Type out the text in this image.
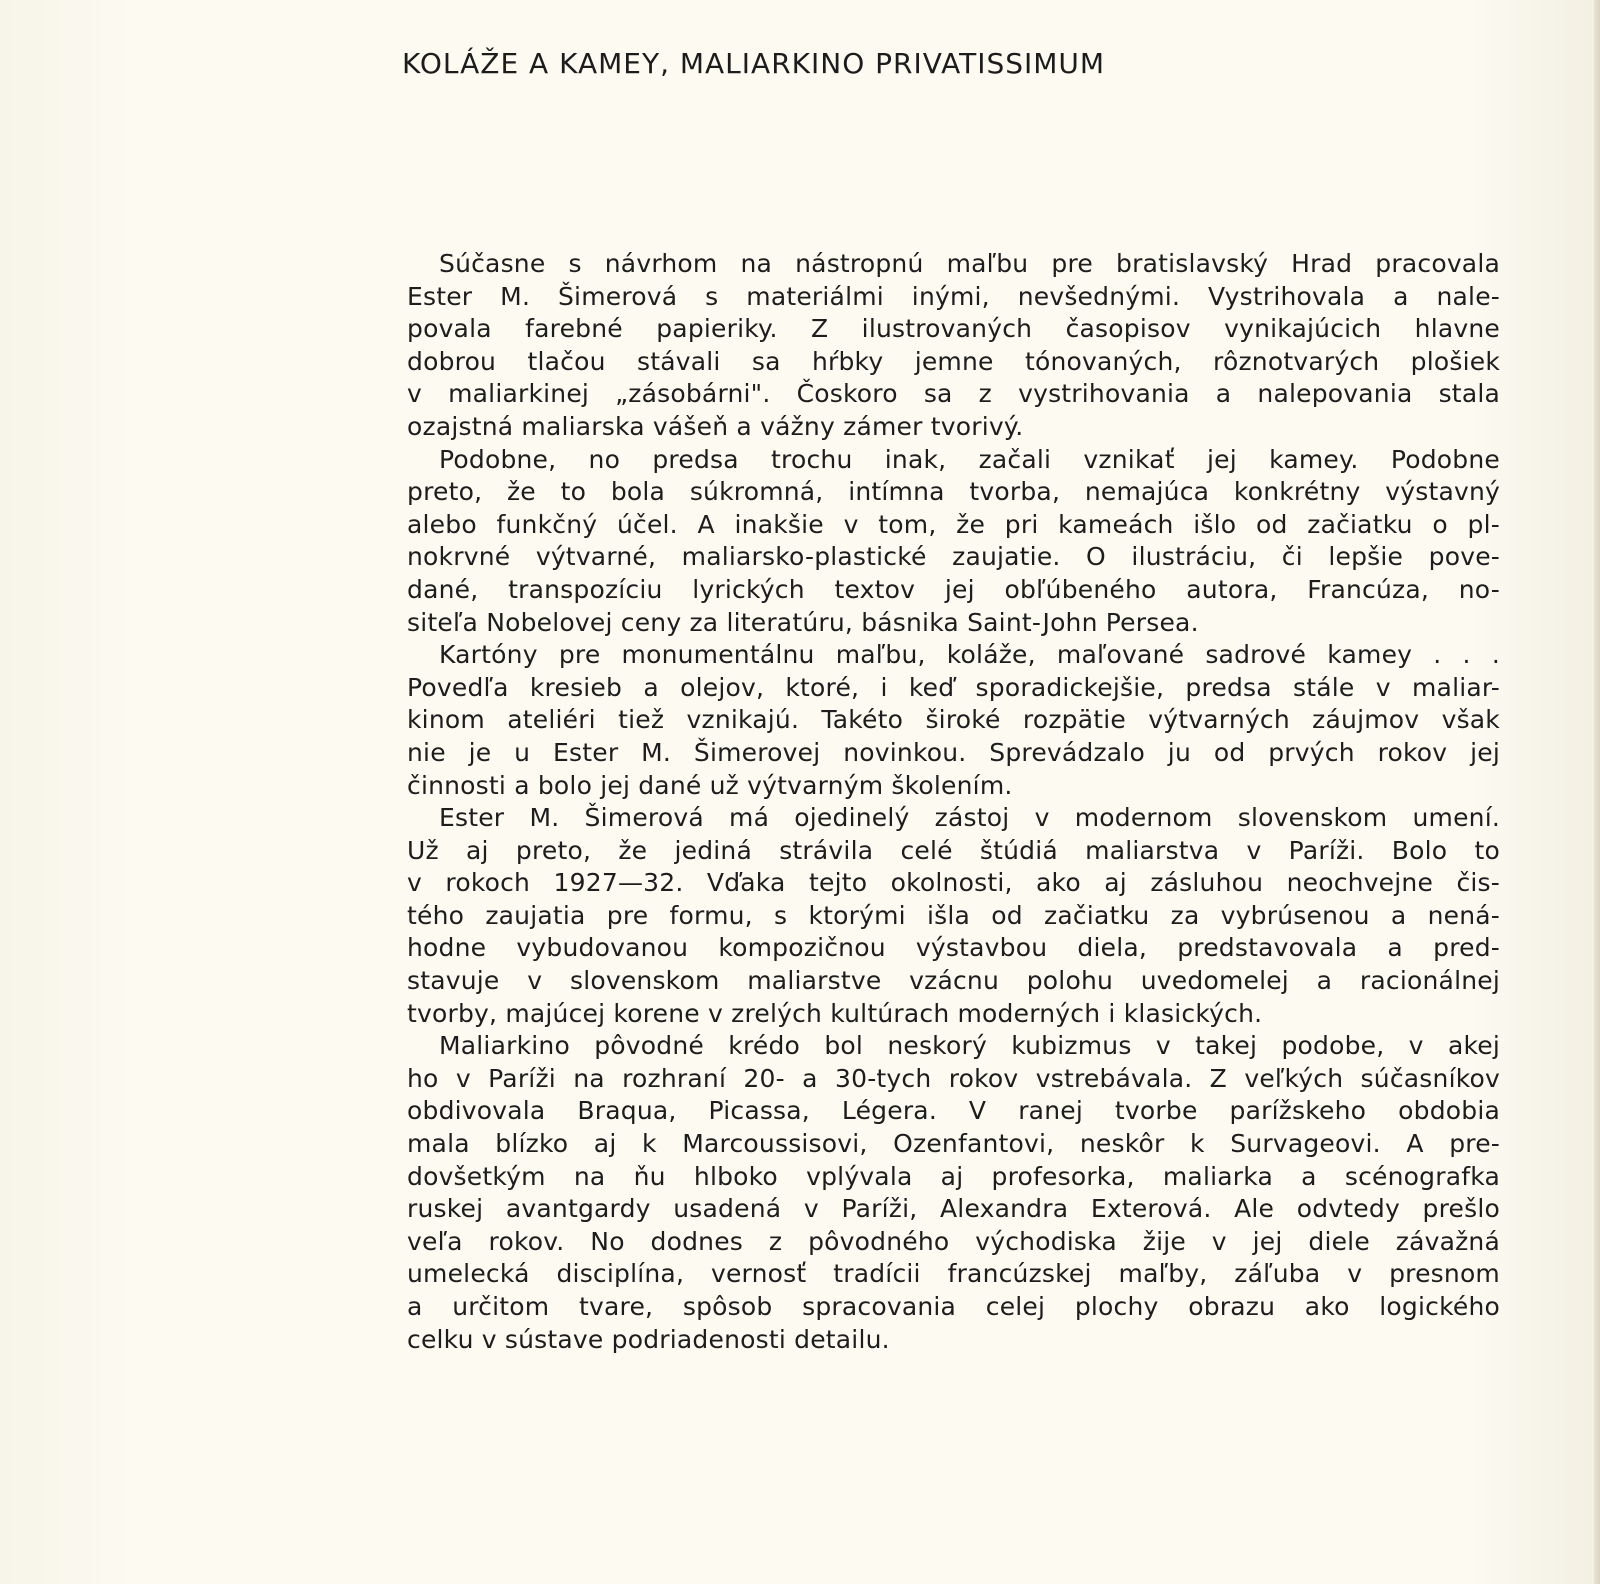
KOLÁŽE A KAMEY, MALIARKINO PRIVATISSIMUM

Súčasne s návrhom na nástropnú maľbu pre bratislavský Hrad pracovala
Ester M. Šimerová s materiálmi inými, nevšednými. Vystrihovala a nale-
povala farebné papieriky. Z ilustrovaných časopisov vynikajúcich hlavne
dobrou tlačou stávali sa hŕbky jemne tónovaných, rôznotvarých plošiek
v maliarkinej „zásobárni". Čoskoro sa z vystrihovania a nalepovania stala
ozajstná maliarska vášeň a vážny zámer tvorivý.

Podobne, no predsa trochu inak, začali vznikať jej kamey. Podobne
preto, že to bola súkromná, intímna tvorba, nemajúca konkrétny výstavný
alebo funkčný účel. A inakšie v tom, že pri kameách išlo od začiatku o pl-
nokrvné výtvarné, maliarsko-plastické zaujatie. O ilustráciu, či lepšie pove-
dané, transpozíciu lyrických textov jej obľúbeného autora, Francúza, no-
siteľa Nobelovej ceny za literatúru, básnika Saint-John Persea.

Kartóny pre monumentálnu maľbu, koláže, maľované sadrové kamey . . .
Povedľa kresieb a olejov, ktoré, i keď sporadickejšie, predsa stále v maliar-
kinom ateliéri tiež vznikajú. Takéto široké rozpätie výtvarných záujmov však
nie je u Ester M. Šimerovej novinkou. Sprevádzalo ju od prvých rokov jej
činnosti a bolo jej dané už výtvarným školením.

Ester M. Šimerová má ojedinelý zástoj v modernom slovenskom umení.
Už aj preto, že jediná strávila celé štúdiá maliarstva v Paríži. Bolo to
v rokoch 1927—32. Vďaka tejto okolnosti, ako aj zásluhou neochvejne čis-
tého zaujatia pre formu, s ktorými išla od začiatku za vybrúsenou a nená-
hodne vybudovanou kompozičnou výstavbou diela, predstavovala a pred-
stavuje v slovenskom maliarstve vzácnu polohu uvedomelej a racionálnej
tvorby, majúcej korene v zrelých kultúrach moderných i klasických.

Maliarkino pôvodné krédo bol neskorý kubizmus v takej podobe, v akej
ho v Paríži na rozhraní 20- a 30-tych rokov vstrebávala. Z veľkých súčasníkov
obdivovala Braqua, Picassa, Légera. V ranej tvorbe parížskeho obdobia
mala blízko aj k Marcoussisovi, Ozenfantovi, neskôr k Survageovi. A pre-
dovšetkým na ňu hlboko vplývala aj profesorka, maliarka a scénografka
ruskej avantgardy usadená v Paríži, Alexandra Exterová. Ale odvtedy prešlo
veľa rokov. No dodnes z pôvodného východiska žije v jej diele závažná
umelecká disciplína, vernosť tradícii francúzskej maľby, záľuba v presnom
a určitom tvare, spôsob spracovania celej plochy obrazu ako logického
celku v sústave podriadenosti detailu.
